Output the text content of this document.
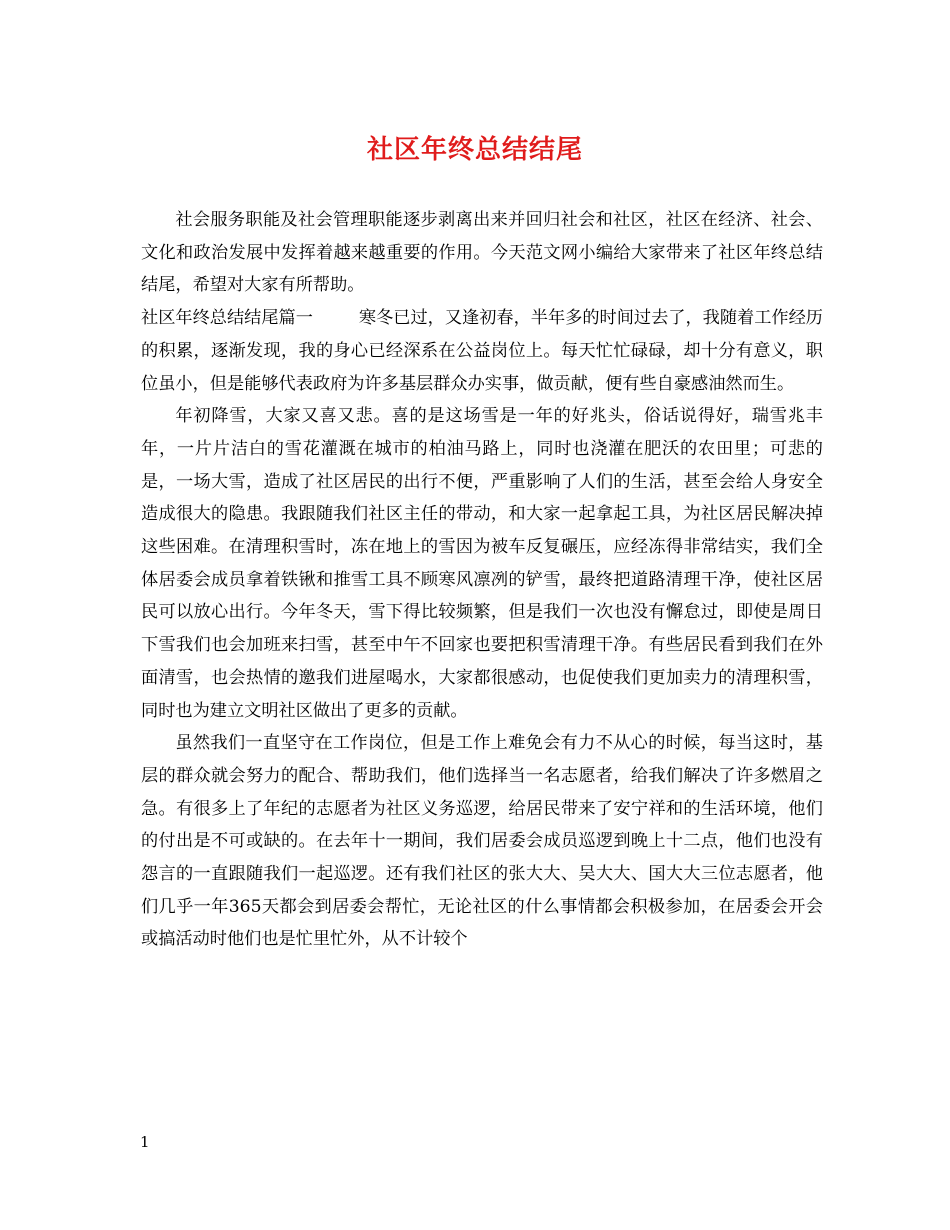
社区年终总结结尾

社会服务职能及社会管理职能逐步剥离出来并回归社会和社区，社区在经济、社会、文化和政治发展中发挥着越来越重要的作用。今天范文网小编给大家带来了社区年终总结结尾，希望对大家有所帮助。

社区年终总结结尾篇一	寒冬已过，又逢初春，半年多的时间过去了，我随着工作经历的积累，逐渐发现，我的身心已经深系在公益岗位上。每天忙忙碌碌，却十分有意义，职位虽小，但是能够代表政府为许多基层群众办实事，做贡献，便有些自豪感油然而生。

年初降雪，大家又喜又悲。喜的是这场雪是一年的好兆头，俗话说得好，瑞雪兆丰年，一片片洁白的雪花灌溉在城市的柏油马路上，同时也浇灌在肥沃的农田里；可悲的是，一场大雪，造成了社区居民的出行不便，严重影响了人们的生活，甚至会给人身安全造成很大的隐患。我跟随我们社区主任的带动，和大家一起拿起工具，为社区居民解决掉这些困难。在清理积雪时，冻在地上的雪因为被车反复碾压，应经冻得非常结实，我们全体居委会成员拿着铁锹和推雪工具不顾寒风凛冽的铲雪，最终把道路清理干净，使社区居民可以放心出行。今年冬天，雪下得比较频繁，但是我们一次也没有懈怠过，即使是周日下雪我们也会加班来扫雪，甚至中午不回家也要把积雪清理干净。有些居民看到我们在外面清雪，也会热情的邀我们进屋喝水，大家都很感动，也促使我们更加卖力的清理积雪，同时也为建立文明社区做出了更多的贡献。

虽然我们一直坚守在工作岗位，但是工作上难免会有力不从心的时候，每当这时，基层的群众就会努力的配合、帮助我们，他们选择当一名志愿者，给我们解决了许多燃眉之急。有很多上了年纪的志愿者为社区义务巡逻，给居民带来了安宁祥和的生活环境，他们的付出是不可或缺的。在去年十一期间，我们居委会成员巡逻到晚上十二点，他们也没有怨言的一直跟随我们一起巡逻。还有我们社区的张大大、吴大大、国大大三位志愿者，他们几乎一年365天都会到居委会帮忙，无论社区的什么事情都会积极参加，在居委会开会或搞活动时他们也是忙里忙外，从不计较个

1
